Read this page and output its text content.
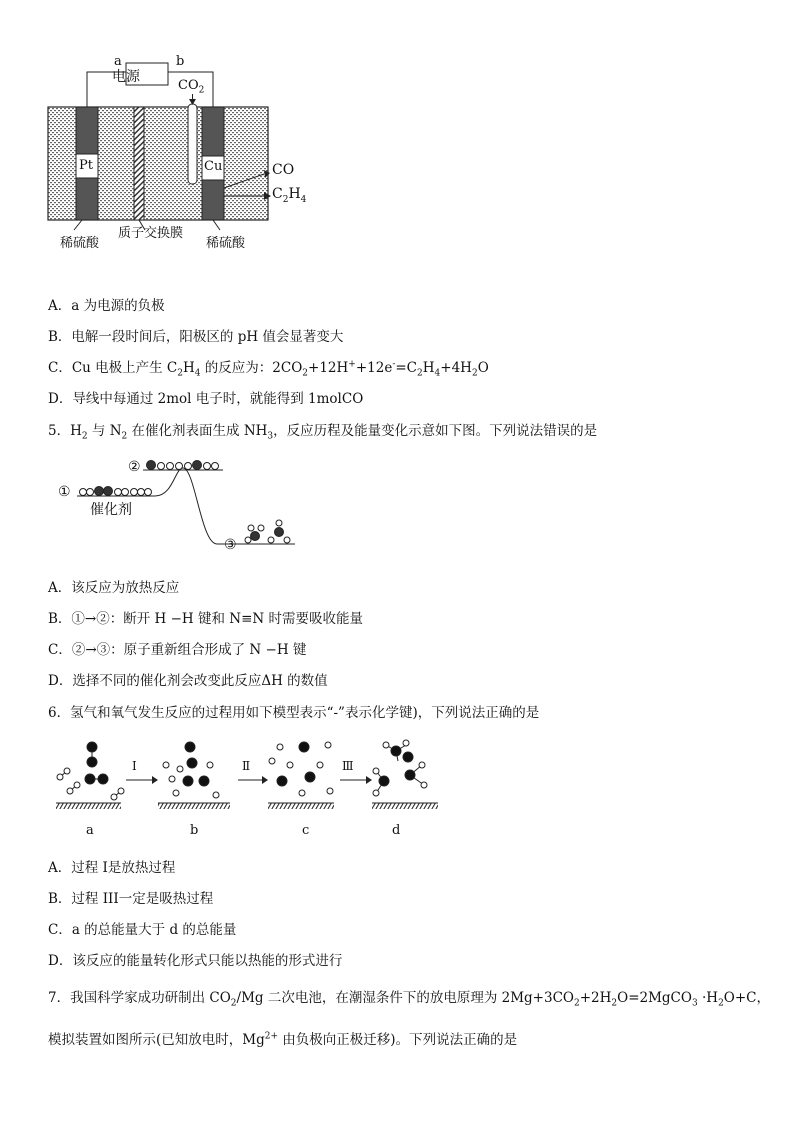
电源
a	b
$CO_2$
Pt	Cu	CO
$C_2H_4$
稀硫酸
质子交换膜
稀硫酸
A．a 为电源的负极
B．电解一段时间后，阳极区的 pH 值会显著变大
C．Cu 电极上产生 $C_2H_4$ 的反应为：$2CO_2+12H^++12e^-=C_2H_4+4H_2O$
D．导线中每通过 2mol 电子时，就能得到 1molCO
5．$H_2$ 与 $N_2$ 在催化剂表面生成 $NH_3$，反应历程及能量变化示意如下图。下列说法错误的是
①
②
③
催化剂
A．该反应为放热反应
B．①→②：断开 H −H 键和 N≡N 时需要吸收能量
C．②→③：原子重新组合形成了 N −H 键
D．选择不同的催化剂会改变此反应ΔH 的数值
6．氢气和氧气发生反应的过程用如下模型表示“-”表示化学键)，下列说法正确的是
Ⅰ	Ⅱ	Ⅲ
a	b	c	d
A．过程 Ⅰ是放热过程
B．过程 III一定是吸热过程
C．a 的总能量大于 d 的总能量
D．该反应的能量转化形式只能以热能的形式进行
7．我国科学家成功研制出 $CO_2/Mg$ 二次电池，在潮湿条件下的放电原理为 $2Mg+3CO_2+2H_2O=2MgCO_3 \cdot H_2O+C$，
模拟装置如图所示(已知放电时，$Mg^{2+}$ 由负极向正极迁移)。下列说法正确的是
